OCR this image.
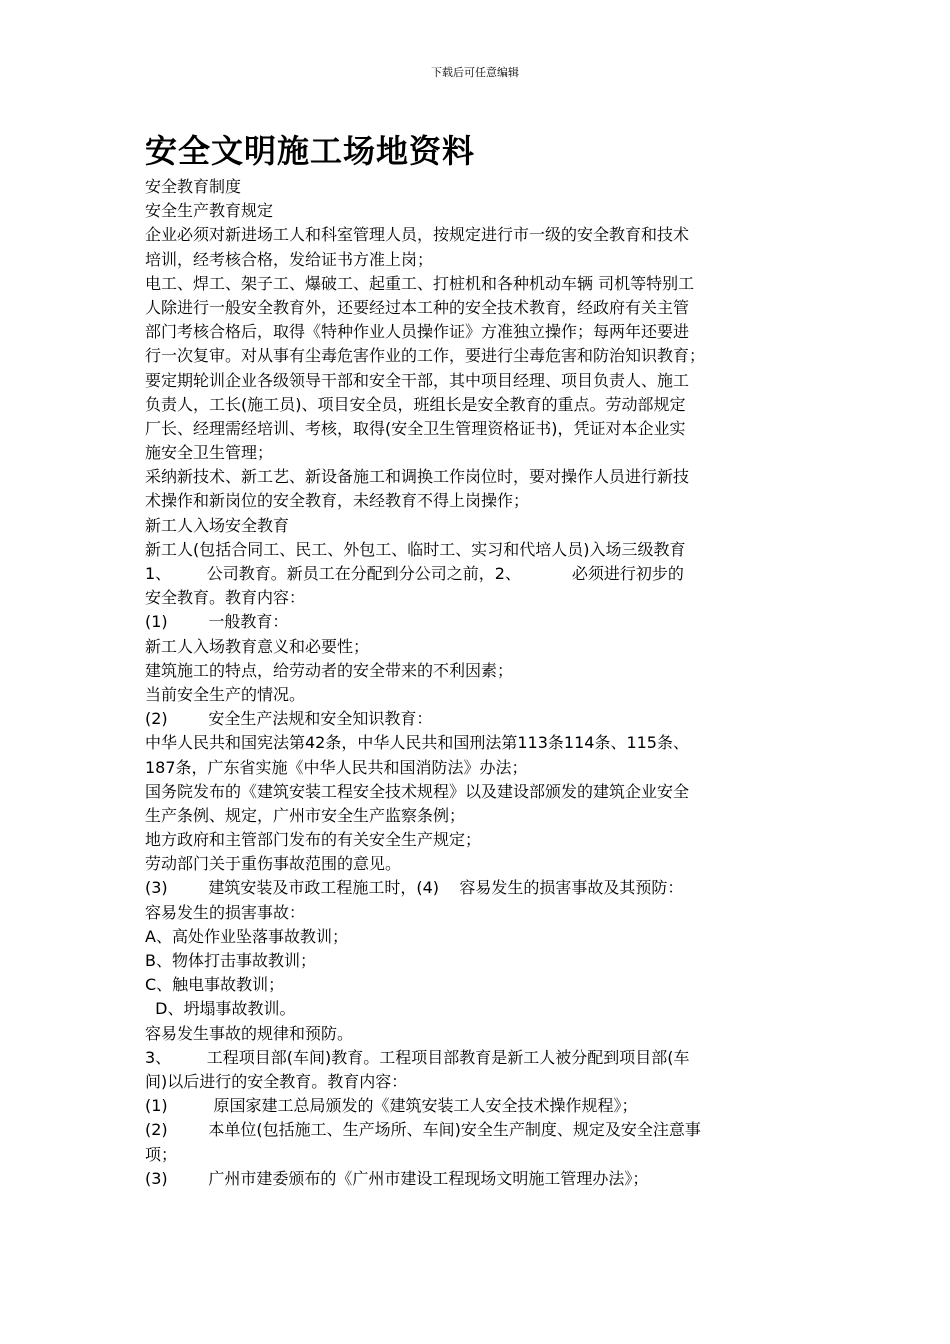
下载后可任意编辑
安全文明施工场地资料
安全教育制度
安全生产教育规定
企业必须对新进场工人和科室管理人员，按规定进行市一级的安全教育和技术
培训，经考核合格，发给证书方准上岗；
电工、焊工、架子工、爆破工、起重工、打桩机和各种机动车辆 司机等特别工
人除进行一般安全教育外，还要经过本工种的安全技术教育，经政府有关主管
部门考核合格后，取得《特种作业人员操作证》方准独立操作；每两年还要进
行一次复审。对从事有尘毒危害作业的工作，要进行尘毒危害和防治知识教育；
要定期轮训企业各级领导干部和安全干部，其中项目经理、项目负责人、施工
负责人，工长(施工员)、项目安全员，班组长是安全教育的重点。劳动部规定
厂长、经理需经培训、考核，取得(安全卫生管理资格证书)，凭证对本企业实
施安全卫生管理；
采纳新技术、新工艺、新设备施工和调换工作岗位时，要对操作人员进行新技
术操作和新岗位的安全教育，未经教育不得上岗操作；
新工人入场安全教育
新工人(包括合同工、民工、外包工、临时工、实习和代培人员)入场三级教育
1、       公司教育。新员工在分配到分公司之前，2、          必须进行初步的
安全教育。教育内容：
(1)        一般教育：
新工人入场教育意义和必要性；
建筑施工的特点，给劳动者的安全带来的不利因素；
当前安全生产的情况。
(2)        安全生产法规和安全知识教育：
中华人民共和国宪法第42条，中华人民共和国刑法第113条114条、115条、
187条，广东省实施《中华人民共和国消防法》办法；
国务院发布的《建筑安装工程安全技术规程》以及建设部颁发的建筑企业安全
生产条例、规定，广州市安全生产监察条例；
地方政府和主管部门发布的有关安全生产规定；
劳动部门关于重伤事故范围的意见。
(3)        建筑安装及市政工程施工时，(4)    容易发生的损害事故及其预防：
容易发生的损害事故：
A、高处作业坠落事故教训；
B、物体打击事故教训；
C、触电事故教训；
D、坍塌事故教训。
容易发生事故的规律和预防。
3、       工程项目部(车间)教育。工程项目部教育是新工人被分配到项目部(车
间)以后进行的安全教育。教育内容：
(1)         原国家建工总局颁发的《建筑安装工人安全技术操作规程》；
(2)        本单位(包括施工、生产场所、车间)安全生产制度、规定及安全注意事
项；
(3)        广州市建委颁布的《广州市建设工程现场文明施工管理办法》；
